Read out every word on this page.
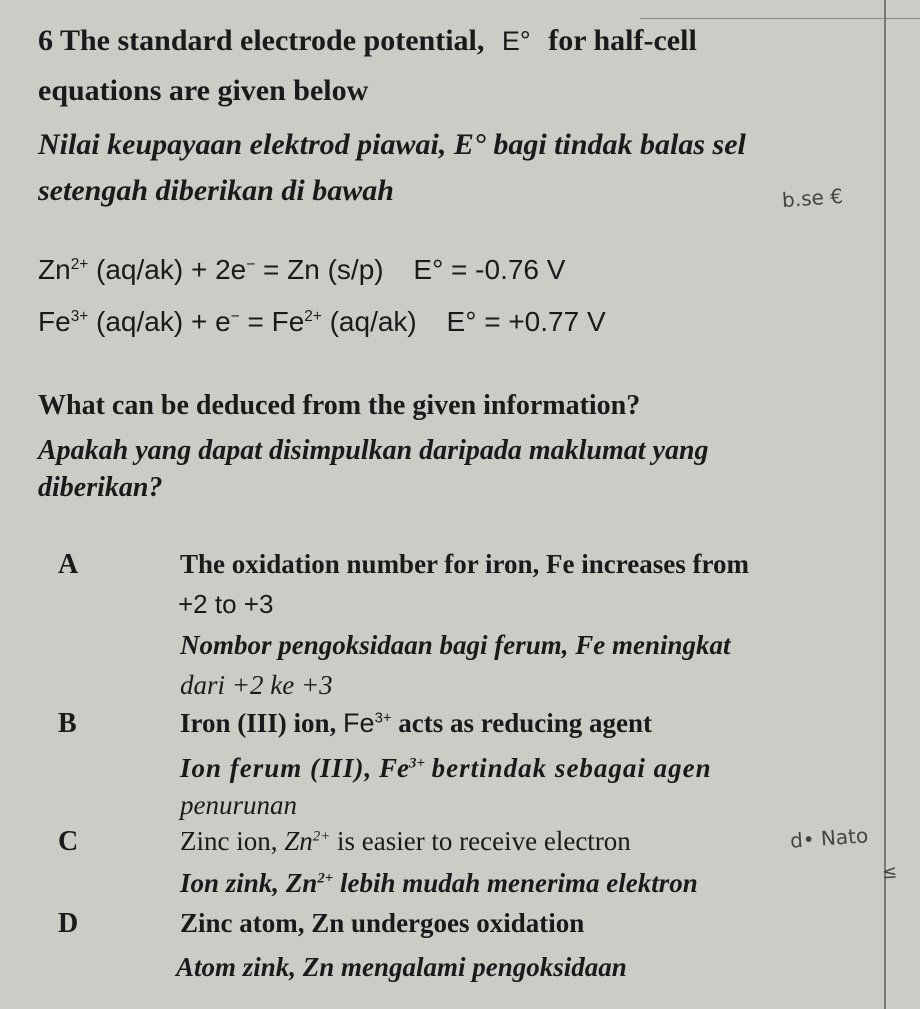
6 The standard electrode potential, E° for half-cell
equations are given below
Nilai keupayaan elektrod piawai, E° bagi tindak balas sel
setengah diberikan di bawah	b.se €
$Zn^{2+}$ (aq/ak) + 2e− = Zn (s/p) E° = -0.76 V
$Fe^{3+}$ $(aq/ak) + e^- = Fe^{2+}$ (aq/ak) E° = +0.77 V
What can be deduced from the given information?
Apakah yang dapat disimpulkan daripada maklumat yang
diberikan?
A	The oxidation number for iron, Fe increases from
+2 to +3
Nombor pengoksidaan bagi ferum, Fe meningkat
dari +2 ke +3
B	Iron (III) ion, $Fe^{3+}$ acts as reducing agent
Ion ferum (III), $Fe^{3+}$ bertindak sebagai agen
penurunan
C	Zinc ion, $Zn^{2+}$ is easier to receive electron	d• Nato
≤
Ion zink, $Zn^{2+}$ lebih mudah menerima elektron
D	Zinc atom, Zn undergoes oxidation
Atom zink, Zn mengalami pengoksidaan
